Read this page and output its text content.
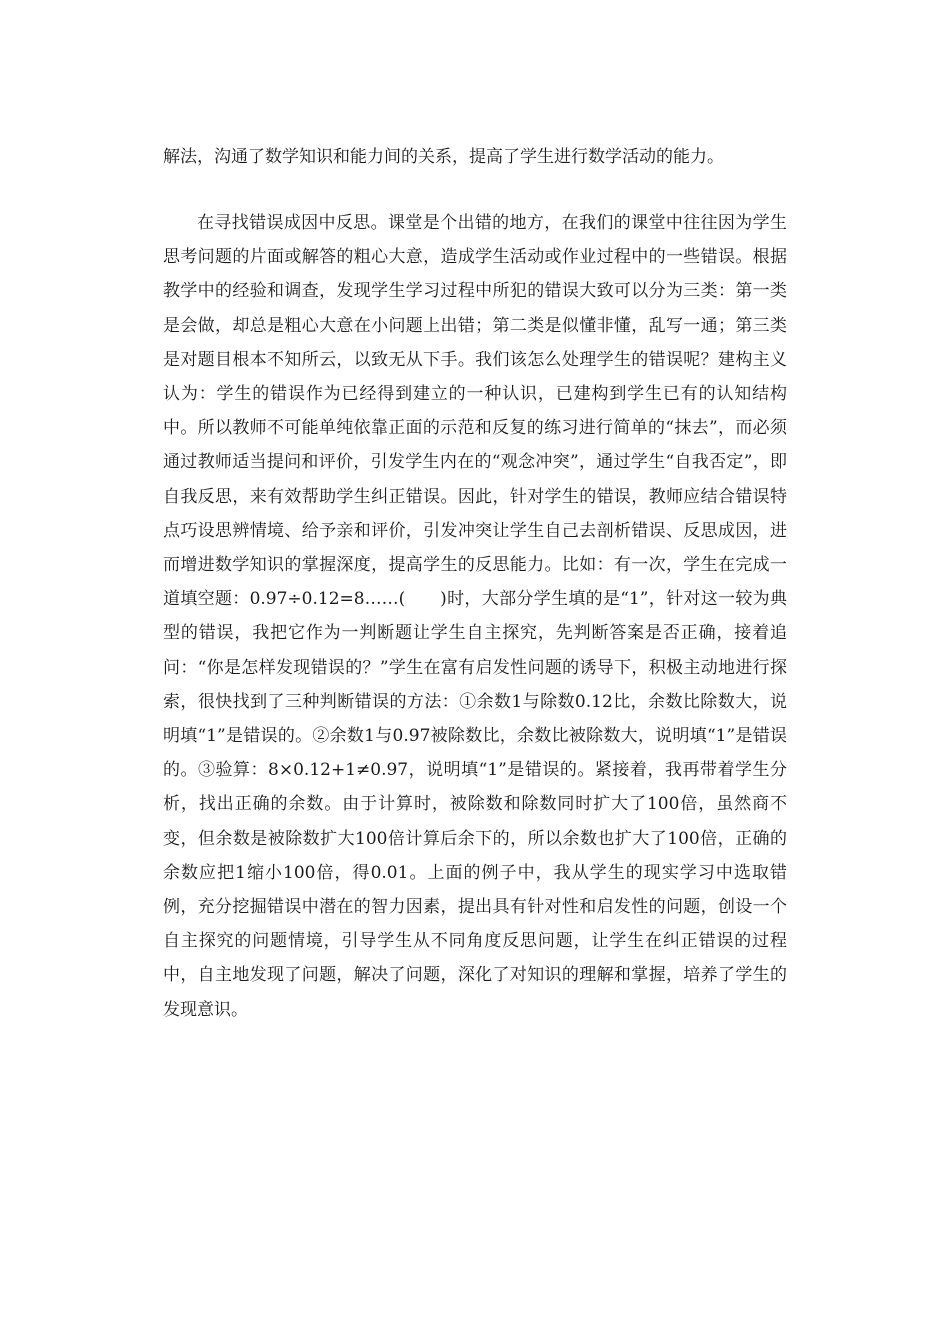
解法，沟通了数学知识和能力间的关系，提高了学生进行数学活动的能力。

在寻找错误成因中反思。课堂是个出错的地方，在我们的课堂中往往因为学生思考问题的片面或解答的粗心大意，造成学生活动或作业过程中的一些错误。根据教学中的经验和调查，发现学生学习过程中所犯的错误大致可以分为三类：第一类是会做，却总是粗心大意在小问题上出错；第二类是似懂非懂，乱写一通；第三类是对题目根本不知所云，以致无从下手。我们该怎么处理学生的错误呢？建构主义认为：学生的错误作为已经得到建立的一种认识，已建构到学生已有的认知结构中。所以教师不可能单纯依靠正面的示范和反复的练习进行简单的“抹去”，而必须通过教师适当提问和评价，引发学生内在的“观念冲突”，通过学生“自我否定”，即自我反思，来有效帮助学生纠正错误。因此，针对学生的错误，教师应结合错误特点巧设思辨情境、给予亲和评价，引发冲突让学生自己去剖析错误、反思成因，进而增进数学知识的掌握深度，提高学生的反思能力。比如：有一次，学生在完成一道填空题：0.97÷0.12=8……(　　)时，大部分学生填的是“1”，针对这一较为典型的错误，我把它作为一判断题让学生自主探究，先判断答案是否正确，接着追问：“你是怎样发现错误的？”学生在富有启发性问题的诱导下，积极主动地进行探索，很快找到了三种判断错误的方法：①余数1与除数0.12比，余数比除数大，说明填“1”是错误的。②余数1与0.97被除数比，余数比被除数大，说明填“1”是错误的。③验算：8×0.12+1≠0.97，说明填“1”是错误的。紧接着，我再带着学生分析，找出正确的余数。由于计算时，被除数和除数同时扩大了100倍，虽然商不变，但余数是被除数扩大100倍计算后余下的，所以余数也扩大了100倍，正确的余数应把1缩小100倍，得0.01。上面的例子中，我从学生的现实学习中选取错例，充分挖掘错误中潜在的智力因素，提出具有针对性和启发性的问题，创设一个自主探究的问题情境，引导学生从不同角度反思问题，让学生在纠正错误的过程中，自主地发现了问题，解决了问题，深化了对知识的理解和掌握，培养了学生的发现意识。
